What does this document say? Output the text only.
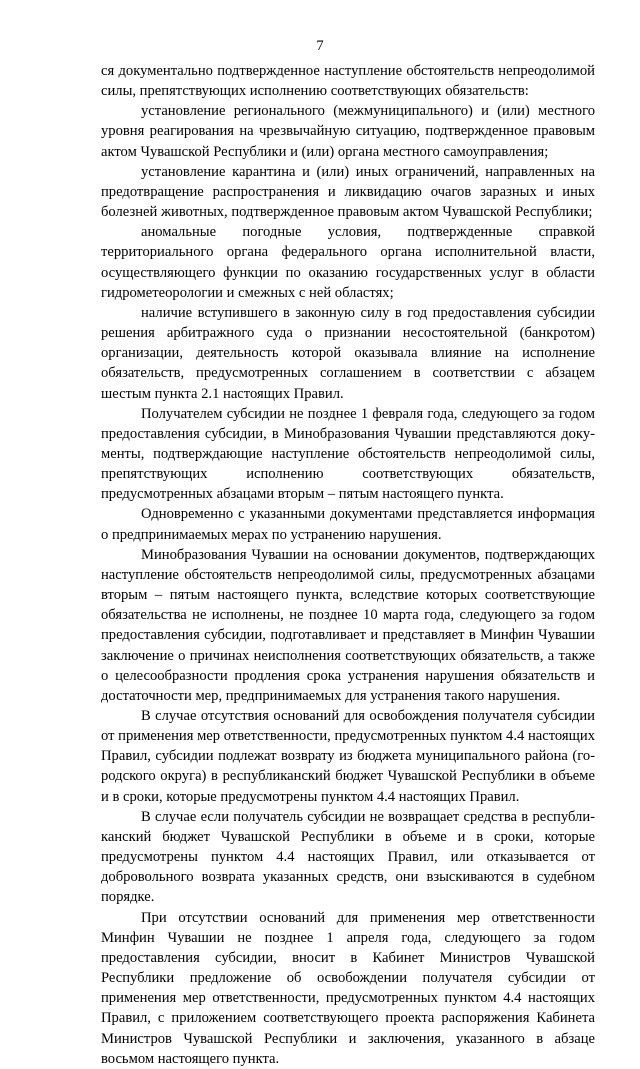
7

ся документально подтвержденное наступление обстоятельств непреодолимой силы, препятствующих исполнению соответствующих обязательств:

установление регионального (межмуниципального) и (или) местного уровня реагирования на чрезвычайную ситуацию, подтвержденное правовым актом Чувашской Республики и (или) органа местного самоуправления;

установление карантина и (или) иных ограничений, направленных на предотвращение распространения и ликвидацию очагов заразных и иных болезней животных, подтвержденное правовым актом Чувашской Республики;

аномальные погодные условия, подтвержденные справкой территориального органа федерального органа исполнительной власти, осуществляющего функции по оказанию государственных услуг в области гидрометеорологии и смежных с ней областях;

наличие вступившего в законную силу в год предоставления субсидии решения арбитражного суда о признании несостоятельной (банкротом) организации, деятельность которой оказывала влияние на исполнение обязательств, предусмотренных соглашением в соответствии с абзацем шестым пункта 2.1 настоящих Правил.

Получателем субсидии не позднее 1 февраля года, следующего за годом предоставления субсидии, в Минобразования Чувашии представляются документы, подтверждающие наступление обстоятельств непреодолимой силы, препятствующих исполнению соответствующих обязательств, предусмотренных абзацами вторым – пятым настоящего пункта.

Одновременно с указанными документами представляется информация о предпринимаемых мерах по устранению нарушения.

Минобразования Чувашии на основании документов, подтверждающих наступление обстоятельств непреодолимой силы, предусмотренных абзацами вторым – пятым настоящего пункта, вследствие которых соответствующие обязательства не исполнены, не позднее 10 марта года, следующего за годом предоставления субсидии, подготавливает и представляет в Минфин Чувашии заключение о причинах неисполнения соответствующих обязательств, а также о целесообразности продления срока устранения нарушения обязательств и достаточности мер, предпринимаемых для устранения такого нарушения.

В случае отсутствия оснований для освобождения получателя субсидии от применения мер ответственности, предусмотренных пунктом 4.4 настоящих Правил, субсидии подлежат возврату из бюджета муниципального района (городского округа) в республиканский бюджет Чувашской Республики в объеме и в сроки, которые предусмотрены пунктом 4.4 настоящих Правил.

В случае если получатель субсидии не возвращает средства в республиканский бюджет Чувашской Республики в объеме и в сроки, которые предусмотрены пунктом 4.4 настоящих Правил, или отказывается от добровольного возврата указанных средств, они взыскиваются в судебном порядке.

При отсутствии оснований для применения мер ответственности Минфин Чувашии не позднее 1 апреля года, следующего за годом предоставления субсидии, вносит в Кабинет Министров Чувашской Республики предложение об освобождении получателя субсидии от применения мер ответственности, предусмотренных пунктом 4.4 настоящих Правил, с приложением соответствующего проекта распоряжения Кабинета Министров Чувашской Республики и заключения, указанного в абзаце восьмом настоящего пункта.
